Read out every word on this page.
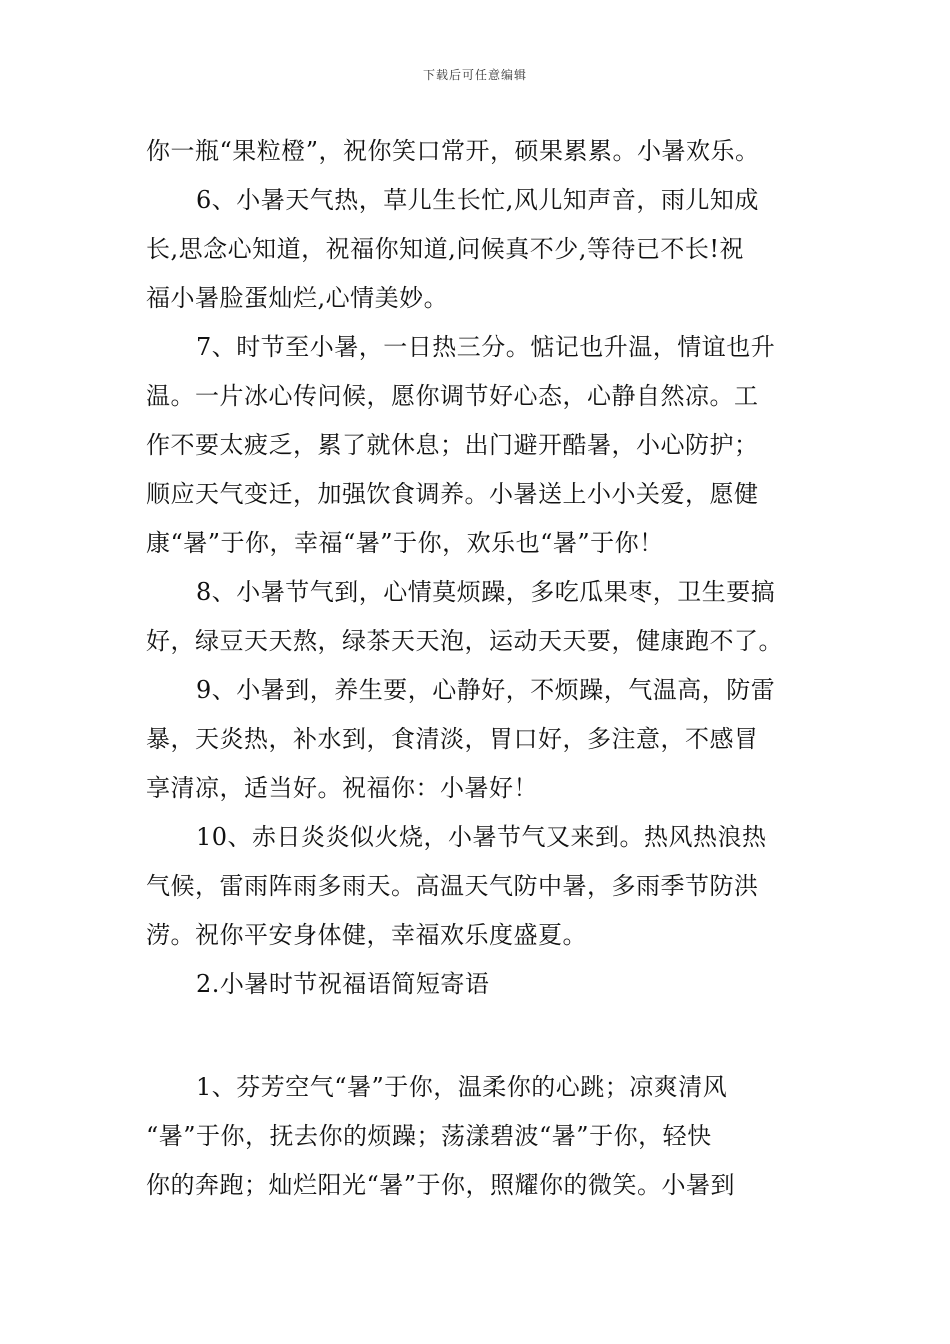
下载后可任意编辑
你一瓶“果粒橙”，祝你笑口常开，硕果累累。小暑欢乐。
6、小暑天气热，草儿生长忙,风儿知声音，雨儿知成
长,思念心知道，祝福你知道,问候真不少,等待已不长!祝
福小暑脸蛋灿烂,心情美妙。
7、时节至小暑，一日热三分。惦记也升温，情谊也升
温。一片冰心传问候，愿你调节好心态，心静自然凉。工
作不要太疲乏，累了就休息；出门避开酷暑，小心防护；
顺应天气变迁，加强饮食调养。小暑送上小小关爱，愿健
康“暑”于你，幸福“暑”于你，欢乐也“暑”于你！
8、小暑节气到，心情莫烦躁，多吃瓜果枣，卫生要搞
好，绿豆天天熬，绿茶天天泡，运动天天要，健康跑不了。
9、小暑到，养生要，心静好，不烦躁，气温高，防雷
暴，天炎热，补水到，食清淡，胃口好，多注意，不感冒
享清凉，适当好。祝福你：小暑好！
10、赤日炎炎似火烧，小暑节气又来到。热风热浪热
气候，雷雨阵雨多雨天。高温天气防中暑，多雨季节防洪
涝。祝你平安身体健，幸福欢乐度盛夏。
2.小暑时节祝福语简短寄语
1、芬芳空气“暑”于你，温柔你的心跳；凉爽清风
“暑”于你，抚去你的烦躁；荡漾碧波“暑”于你，轻快
你的奔跑；灿烂阳光“暑”于你，照耀你的微笑。小暑到
